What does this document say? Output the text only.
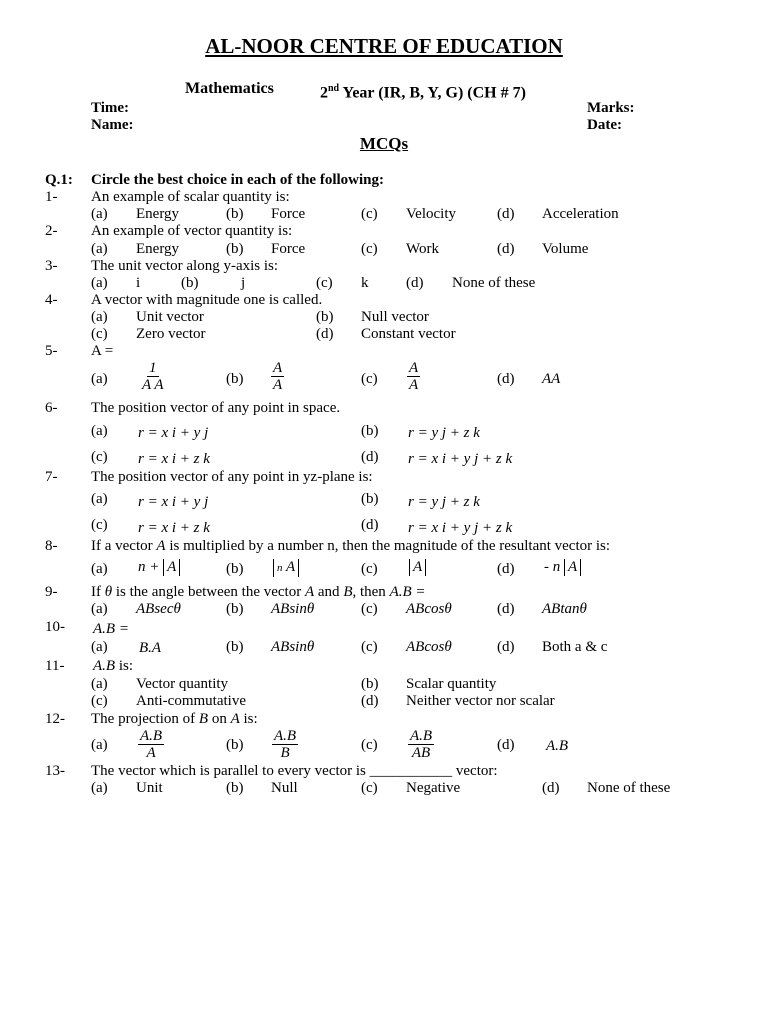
AL-NOOR CENTRE OF EDUCATION
Mathematics	2nd Year (IR, B, Y, G) (CH # 7)
Time:
Name:
Marks:
Date:
MCQs
Q.1: Circle the best choice in each of the following:
1- An example of scalar quantity is:
(a) Energy	(b) Force	(c) Velocity	(d) Acceleration
2- An example of vector quantity is:
(a) Energy	(b) Force	(c) Work	(d) Volume
3- The unit vector along y-axis is:
(a) i	(b)	j	(c) k	(d) None of these
4- A vector with magnitude one is called.
(a) Unit vector	(b) Null vector
(c) Zero vector	(d) Constant vector
5- A =
$(a) \frac{1}{\text{A A}}$	$(b) \frac{A}{A}$	$(c) \frac{A}{A}$	(d) AA
6- The position vector of any point in space.
(a) r = x i + y j	(b) r = y j + z k
(c) r = x i + z k	(d) r = x i + y j + z k
7- The position vector of any point in yz-plane is:
(a) r = x i + y j	(b) r = y j + z k
(c) r = x i + z k	(d) r = x i + y j + z k
8- If a vector A is multiplied by a number n, then the magnitude of the resultant vector is:
(a) n + A	(b)	n A	(c) A	(d) - n A
9- If θ is the angle between the vector A and B, then A.B =
(a) ABsecθ	(b) ABsinθ	(c) ABcosθ	(d) ABtanθ
10- A.B =
(a) B.A	(b) ABsinθ	(c) ABcosθ	(d) Both a & c
11- A.B is:
(a) Vector quantity	(b) Scalar quantity
(c) Anti-commutative	(d) Neither vector nor scalar
12- The projection of B on A is:
$(a) \frac{A.B}{A}$	$(b) \frac{A.B}{B}$	$(c) \frac{A.B}{AB}$	(d) A.B
13- The vector which is parallel to every vector is ___________ vector:
(a) Unit	(b) Null	(c) Negative	(d) None of these
